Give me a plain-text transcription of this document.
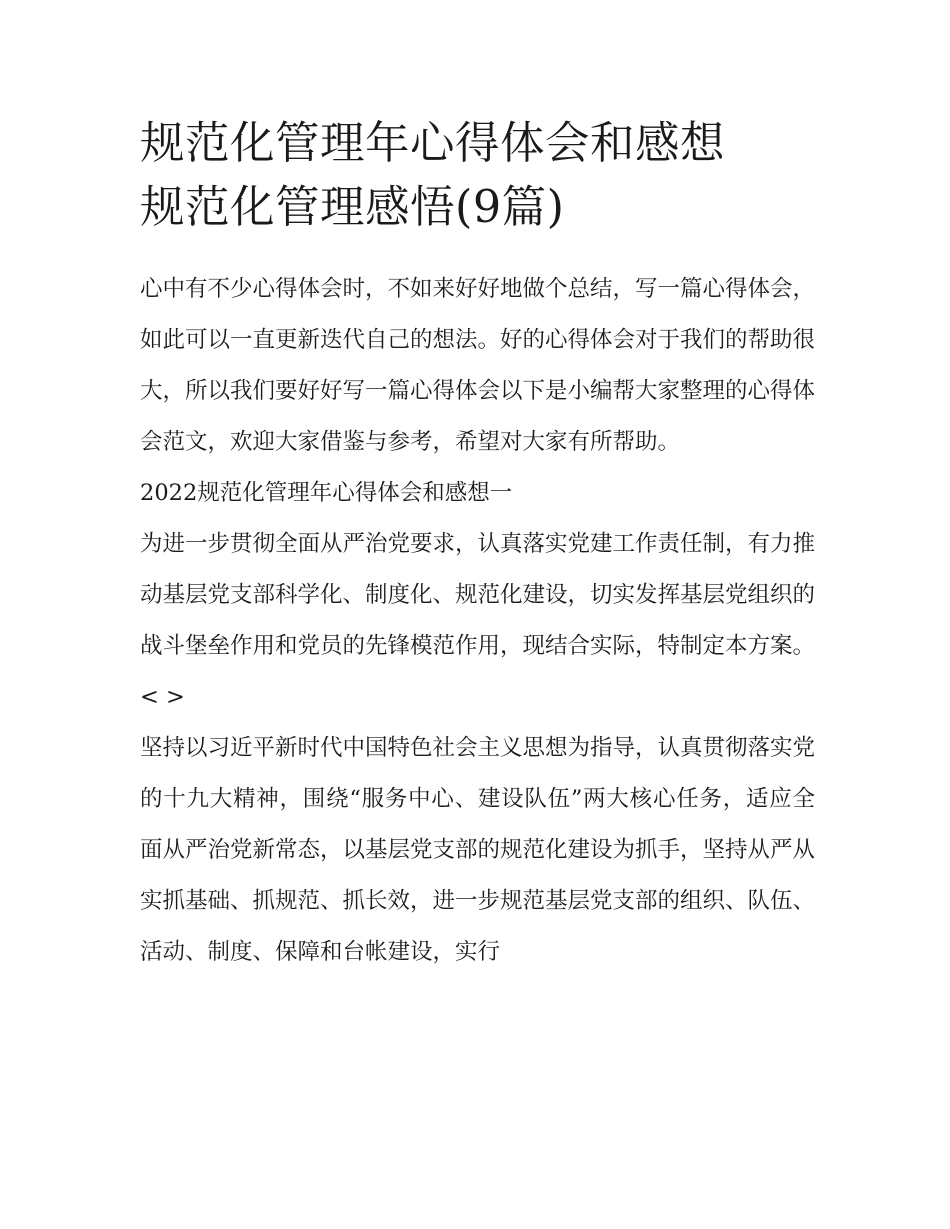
规范化管理年心得体会和感想
规范化管理感悟(9篇)

心中有不少心得体会时，不如来好好地做个总结，写一篇心得体会，如此可以一直更新迭代自己的想法。好的心得体会对于我们的帮助很大，所以我们要好好写一篇心得体会以下是小编帮大家整理的心得体会范文，欢迎大家借鉴与参考，希望对大家有所帮助。

2022规范化管理年心得体会和感想一

为进一步贯彻全面从严治党要求，认真落实党建工作责任制，有力推动基层党支部科学化、制度化、规范化建设，切实发挥基层党组织的战斗堡垒作用和党员的先锋模范作用，现结合实际，特制定本方案。

< >

坚持以习近平新时代中国特色社会主义思想为指导，认真贯彻落实党的十九大精神，围绕“服务中心、建设队伍”两大核心任务，适应全面从严治党新常态，以基层党支部的规范化建设为抓手，坚持从严从实抓基础、抓规范、抓长效，进一步规范基层党支部的组织、队伍、活动、制度、保障和台帐建设，实行
